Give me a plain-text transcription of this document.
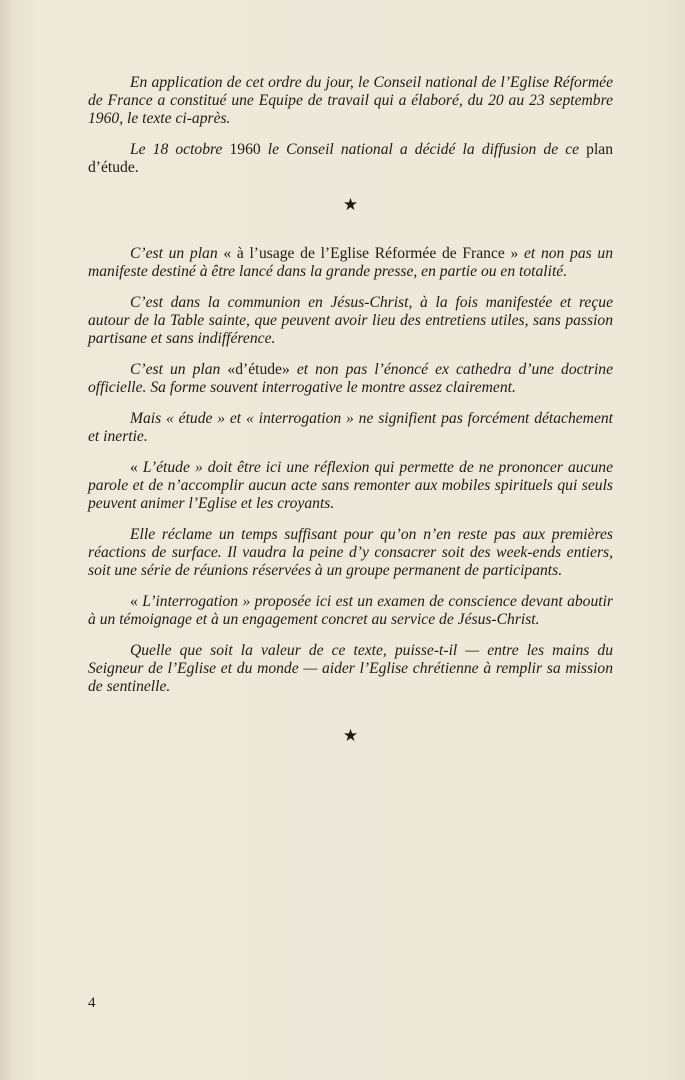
En application de cet ordre du jour, le Conseil national de l’Eglise Réformée de France a constitué une Equipe de travail qui a élaboré, du 20 au 23 septembre 1960, le texte ci-après.

Le 18 octobre 1960 le Conseil national a décidé la diffusion de ce plan d’étude.

★

C’est un plan « à l’usage de l’Eglise Réformée de France » et non pas un manifeste destiné à être lancé dans la grande presse, en partie ou en totalité.

C’est dans la communion en Jésus-Christ, à la fois manifestée et reçue autour de la Table sainte, que peuvent avoir lieu des entretiens utiles, sans passion partisane et sans indifférence.

C’est un plan «d’étude» et non pas l’énoncé ex cathedra d’une doctrine officielle. Sa forme souvent interrogative le montre assez clairement.

Mais « étude » et « interrogation » ne signifient pas forcément détachement et inertie.

« L’étude » doit être ici une réflexion qui permette de ne prononcer aucune parole et de n’accomplir aucun acte sans remonter aux mobiles spirituels qui seuls peuvent animer l’Eglise et les croyants.

Elle réclame un temps suffisant pour qu’on n’en reste pas aux premières réactions de surface. Il vaudra la peine d’y consacrer soit des week-ends entiers, soit une série de réunions réservées à un groupe permanent de participants.

« L’interrogation » proposée ici est un examen de conscience devant aboutir à un témoignage et à un engagement concret au service de Jésus-Christ.

Quelle que soit la valeur de ce texte, puisse-t-il — entre les mains du Seigneur de l’Eglise et du monde — aider l’Eglise chrétienne à remplir sa mission de sentinelle.

★
4
